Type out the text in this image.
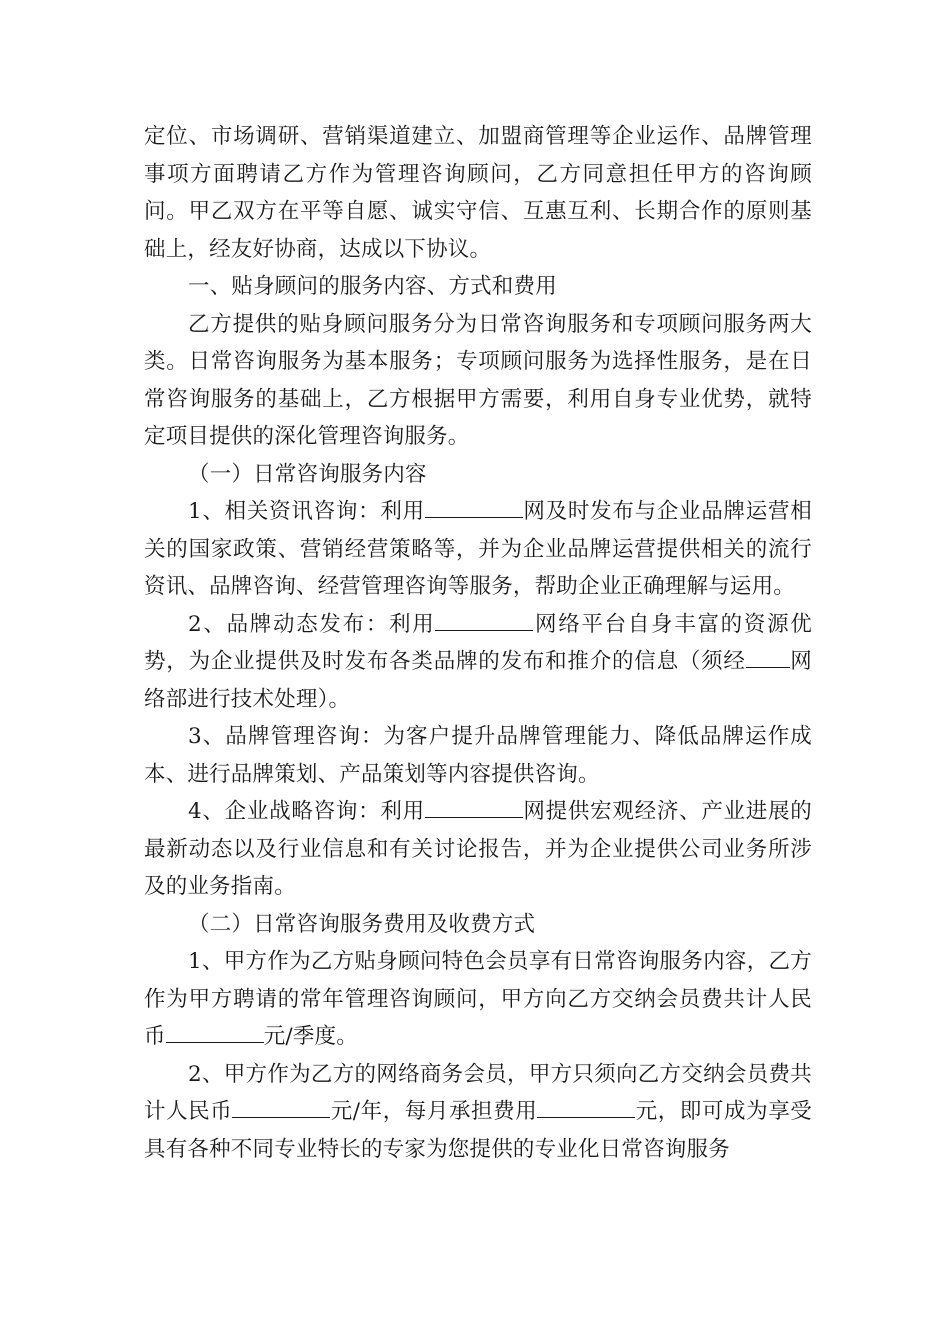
定位、市场调研、营销渠道建立、加盟商管理等企业运作、品牌管理事项方面聘请乙方作为管理咨询顾问，乙方同意担任甲方的咨询顾问。甲乙双方在平等自愿、诚实守信、互惠互利、长期合作的原则基础上，经友好协商，达成以下协议。

一、贴身顾问的服务内容、方式和费用

乙方提供的贴身顾问服务分为日常咨询服务和专项顾问服务两大类。日常咨询服务为基本服务；专项顾问服务为选择性服务，是在日常咨询服务的基础上，乙方根据甲方需要，利用自身专业优势，就特定项目提供的深化管理咨询服务。

（一）日常咨询服务内容

1、相关资讯咨询：利用	网及时发布与企业品牌运营相关的国家政策、营销经营策略等，并为企业品牌运营提供相关的流行资讯、品牌咨询、经营管理咨询等服务，帮助企业正确理解与运用。

2、品牌动态发布：利用	网络平台自身丰富的资源优势，为企业提供及时发布各类品牌的发布和推介的信息（须经 网络部进行技术处理）。

3、品牌管理咨询：为客户提升品牌管理能力、降低品牌运作成本、进行品牌策划、产品策划等内容提供咨询。

4、企业战略咨询：利用	网提供宏观经济、产业进展的最新动态以及行业信息和有关讨论报告，并为企业提供公司业务所涉及的业务指南。

（二）日常咨询服务费用及收费方式

1、甲方作为乙方贴身顾问特色会员享有日常咨询服务内容，乙方作为甲方聘请的常年管理咨询顾问，甲方向乙方交纳会员费共计人民币	元/季度。

2、甲方作为乙方的网络商务会员，甲方只须向乙方交纳会员费共计人民币	元/年，每月承担费用	元，即可成为享受具有各种不同专业特长的专家为您提供的专业化日常咨询服务
